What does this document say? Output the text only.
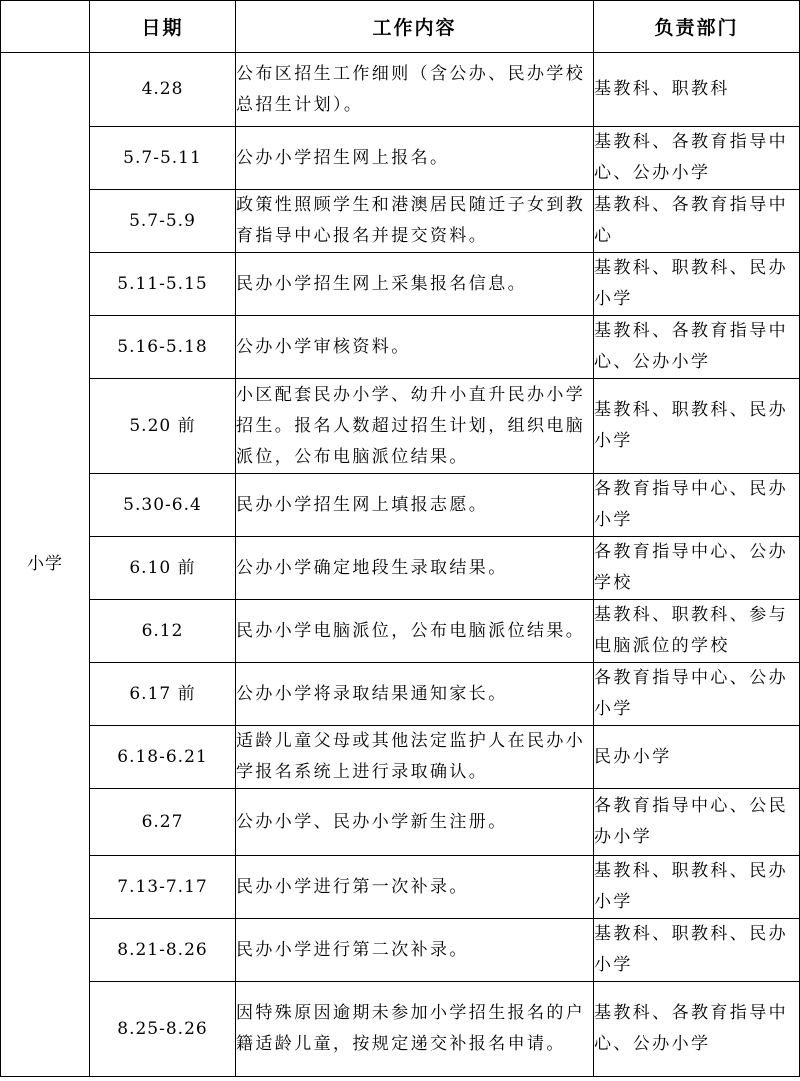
	日期	工作内容	负责部门
小学	4.28	公布区招生工作细则（含公办、民办学校总招生计划）。	基教科、职教科
	5.7-5.11	公办小学招生网上报名。	基教科、各教育指导中心、公办小学
	5.7-5.9	政策性照顾学生和港澳居民随迁子女到教育指导中心报名并提交资料。	基教科、各教育指导中心
	5.11-5.15	民办小学招生网上采集报名信息。	基教科、职教科、民办小学
	5.16-5.18	公办小学审核资料。	基教科、各教育指导中心、公办小学
	5.20 前	小区配套民办小学、幼升小直升民办小学招生。报名人数超过招生计划，组织电脑派位，公布电脑派位结果。	基教科、职教科、民办小学
	5.30-6.4	民办小学招生网上填报志愿。	各教育指导中心、民办小学
	6.10 前	公办小学确定地段生录取结果。	各教育指导中心、公办学校
	6.12	民办小学电脑派位，公布电脑派位结果。	基教科、职教科、参与电脑派位的学校
	6.17 前	公办小学将录取结果通知家长。	各教育指导中心、公办小学
	6.18-6.21	适龄儿童父母或其他法定监护人在民办小学报名系统上进行录取确认。	民办小学
	6.27	公办小学、民办小学新生注册。	各教育指导中心、公民办小学
	7.13-7.17	民办小学进行第一次补录。	基教科、职教科、民办小学
	8.21-8.26	民办小学进行第二次补录。	基教科、职教科、民办小学
	8.25-8.26	因特殊原因逾期未参加小学招生报名的户籍适龄儿童，按规定递交补报名申请。	基教科、各教育指导中心、公办小学
